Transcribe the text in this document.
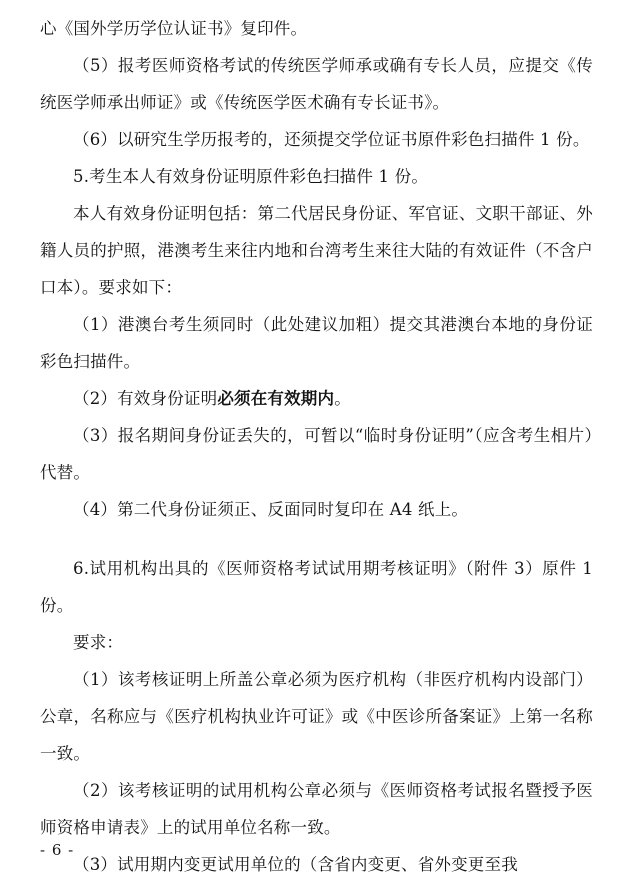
心《国外学历学位认证书》复印件。

（5）报考医师资格考试的传统医学师承或确有专长人员，应提交《传统医学师承出师证》或《传统医学医术确有专长证书》。

（6）以研究生学历报考的，还须提交学位证书原件彩色扫描件 1 份。

5.考生本人有效身份证明原件彩色扫描件 1 份。

本人有效身份证明包括：第二代居民身份证、军官证、文职干部证、外籍人员的护照，港澳考生来往内地和台湾考生来往大陆的有效证件（不含户口本）。要求如下：

（1）港澳台考生须同时（此处建议加粗）提交其港澳台本地的身份证彩色扫描件。

（2）有效身份证明必须在有效期内。

（3）报名期间身份证丢失的，可暂以“临时身份证明”（应含考生相片）代替。

（4）第二代身份证须正、反面同时复印在 A4 纸上。

6.试用机构出具的《医师资格考试试用期考核证明》（附件 3）原件 1 份。

要求：

（1）该考核证明上所盖公章必须为医疗机构（非医疗机构内设部门）公章，名称应与《医疗机构执业许可证》或《中医诊所备案证》上第一名称一致。

（2）该考核证明的试用机构公章必须与《医师资格考试报名暨授予医师资格申请表》上的试用单位名称一致。

（3）试用期内变更试用单位的（含省内变更、省外变更至我

- 6 -
